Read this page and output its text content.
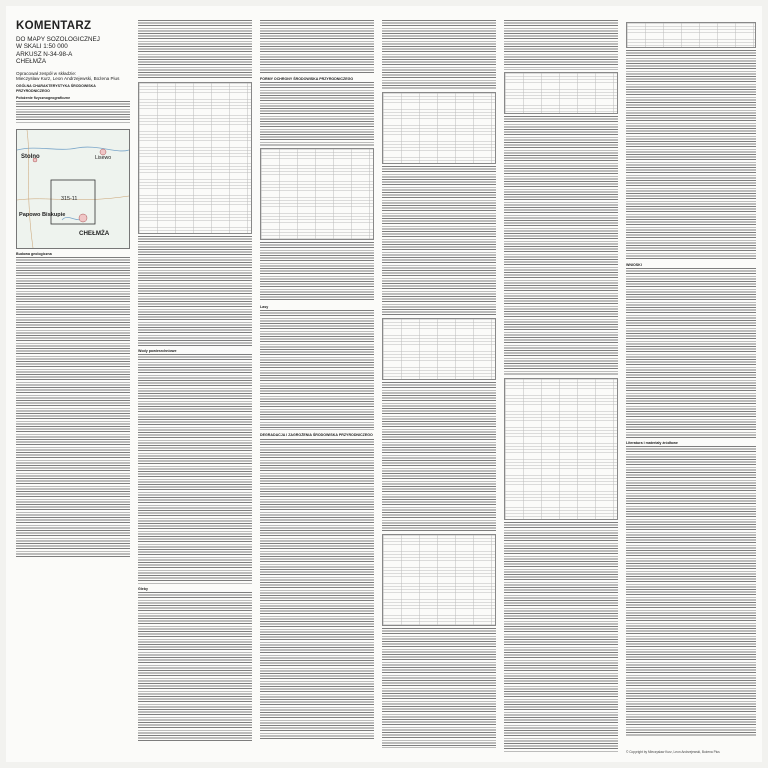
KOMENTARZ
DO MAPY SOZOLOGICZNEJ
W SKALI 1:50 000
ARKUSZ N-34-98-A
CHEŁMŻA
Opracował zespół w składzie:
Mieczysław Kurz, Leon Andrzejewski, Bożena Pius
OGÓLNA CHARAKTERYSTYKA ŚRODOWISKA PRZYRODNICZEGO
Położenie fizycznogeograficzne
Stolno	Lisewo
315-11
Papowo Biskupie
CHEŁMŻA
Budowa geologiczna
Wody powierzchniowe
Gleby
FORMY OCHRONY ŚRODOWISKA PRZYRODNICZEGO
Lasy
DEGRADACJA I ZAGROŻENIA ŚRODOWISKA PRZYRODNICZEGO
WNIOSKI
Literatura i materiały źródłowe
© Copyright by Mieczysław Kurz, Leon Andrzejewski, Bożena Pius
